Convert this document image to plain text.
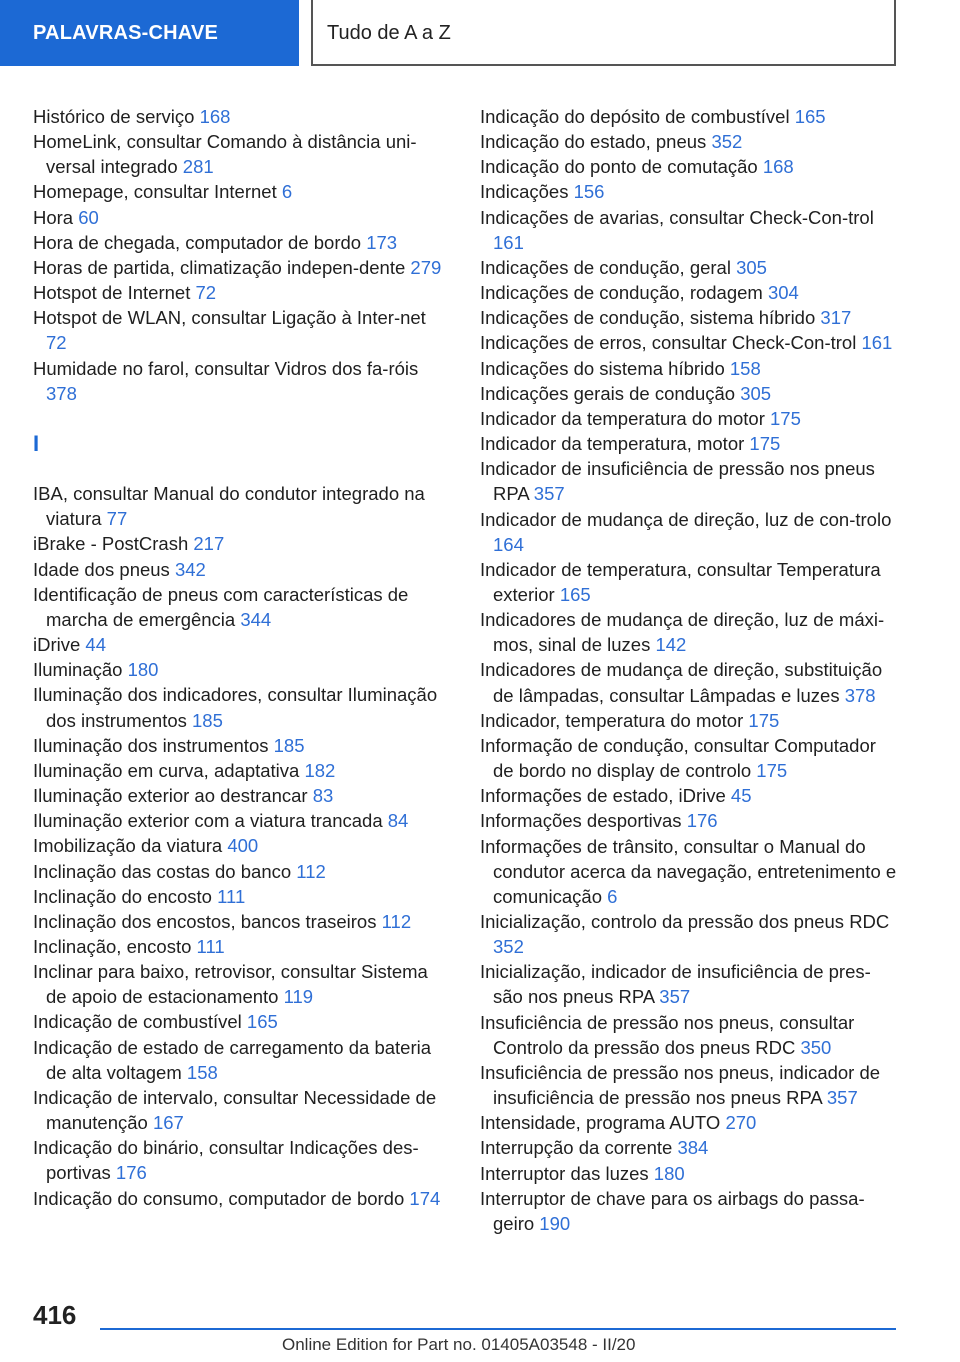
PALAVRAS-CHAVE	Tudo de A a Z
Histórico de serviço 168
HomeLink, consultar Comando à distância uni-versal integrado 281
Homepage, consultar Internet 6
Hora 60
Hora de chegada, computador de bordo 173
Horas de partida, climatização indepen-dente 279
Hotspot de Internet 72
Hotspot de WLAN, consultar Ligação à Inter-net 72
Humidade no farol, consultar Vidros dos fa-róis 378
I
IBA, consultar Manual do condutor integrado na viatura 77
iBrake - PostCrash 217
Idade dos pneus 342
Identificação de pneus com características de marcha de emergência 344
iDrive 44
Iluminação 180
Iluminação dos indicadores, consultar Iluminação dos instrumentos 185
Iluminação dos instrumentos 185
Iluminação em curva, adaptativa 182
Iluminação exterior ao destrancar 83
Iluminação exterior com a viatura trancada 84
Imobilização da viatura 400
Inclinação das costas do banco 112
Inclinação do encosto 111
Inclinação dos encostos, bancos traseiros 112
Inclinação, encosto 111
Inclinar para baixo, retrovisor, consultar Sistema de apoio de estacionamento 119
Indicação de combustível 165
Indicação de estado de carregamento da bateria de alta voltagem 158
Indicação de intervalo, consultar Necessidade de manutenção 167
Indicação do binário, consultar Indicações des-portivas 176
Indicação do consumo, computador de bordo 174
Indicação do depósito de combustível 165
Indicação do estado, pneus 352
Indicação do ponto de comutação 168
Indicações 156
Indicações de avarias, consultar Check-Con-trol 161
Indicações de condução, geral 305
Indicações de condução, rodagem 304
Indicações de condução, sistema híbrido 317
Indicações de erros, consultar Check-Con-trol 161
Indicações do sistema híbrido 158
Indicações gerais de condução 305
Indicador da temperatura do motor 175
Indicador da temperatura, motor 175
Indicador de insuficiência de pressão nos pneus RPA 357
Indicador de mudança de direção, luz de con-trolo 164
Indicador de temperatura, consultar Temperatura exterior 165
Indicadores de mudança de direção, luz de máxi-mos, sinal de luzes 142
Indicadores de mudança de direção, substituição de lâmpadas, consultar Lâmpadas e luzes 378
Indicador, temperatura do motor 175
Informação de condução, consultar Computador de bordo no display de controlo 175
Informações de estado, iDrive 45
Informações desportivas 176
Informações de trânsito, consultar o Manual do condutor acerca da navegação, entretenimento e comunicação 6
Inicialização, controlo da pressão dos pneus RDC 352
Inicialização, indicador de insuficiência de pres-são nos pneus RPA 357
Insuficiência de pressão nos pneus, consultar Controlo da pressão dos pneus RDC 350
Insuficiência de pressão nos pneus, indicador de insuficiência de pressão nos pneus RPA 357
Intensidade, programa AUTO 270
Interrupção da corrente 384
Interruptor das luzes 180
Interruptor de chave para os airbags do passa-geiro 190
416
Online Edition for Part no. 01405A03548 - II/20
